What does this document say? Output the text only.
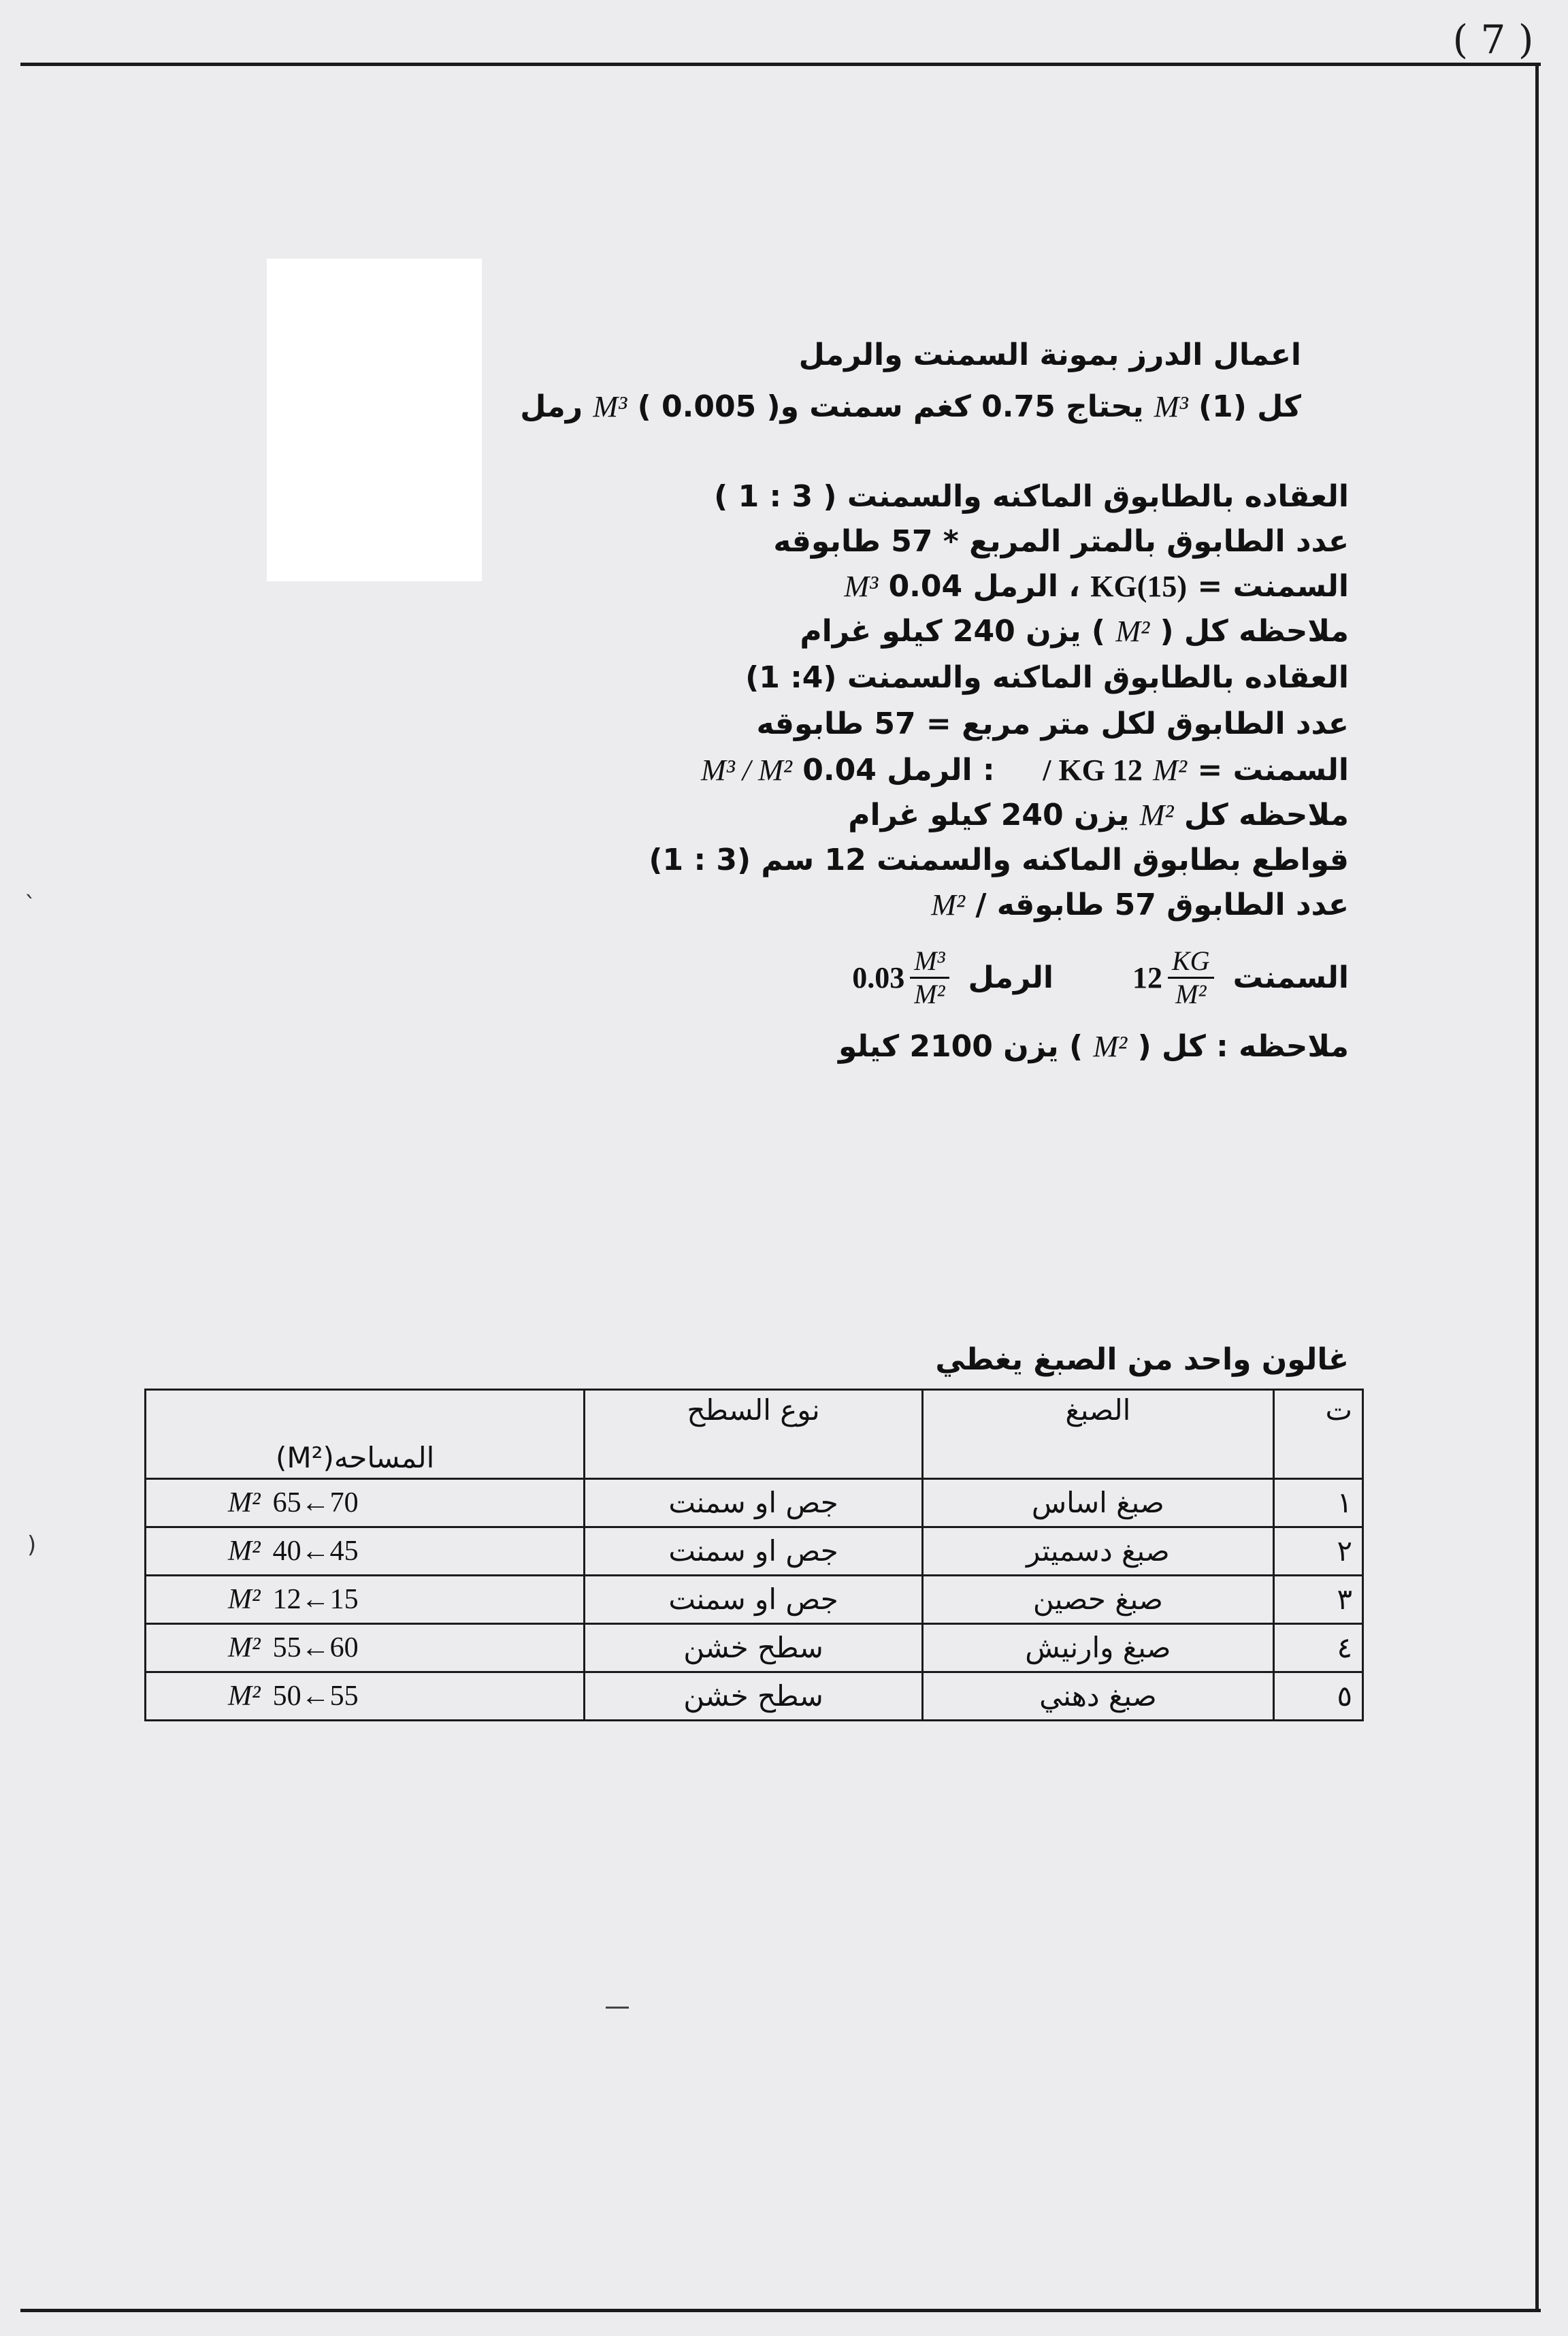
( 7 )
اعمال الدرز بمونة السمنت والرمل
كل (1) M³ يحتاج 0.75 كغم سمنت و( 0.005 ) M³ رمل
العقاده بالطابوق الماكنه والسمنت ( 3 : 1 )
عدد الطابوق بالمتر المربع * 57 طابوقه
السمنت = (15)KG ، الرمل 0.04 M³
ملاحظه كل ( M² ) يزن 240 كيلو غرام
العقاده بالطابوق الماكنه والسمنت (4: 1)
عدد الطابوق لكل متر مربع = 57 طابوقه
السمنت = M² 12 KG /  : الرمل 0.04 M³ / M²
ملاحظه كل M² يزن 240 كيلو غرام
قواطع بطابوق الماكنه والسمنت 12 سم (3 : 1)
عدد الطابوق 57 طابوقه / M²
السمنت
$12 \frac{KG}{\text{M²}}$
الرمل
$0.03 \frac{\text{M³}}{\text{M²}}$
ملاحظه : كل ( M² ) يزن 2100 كيلو
غالون واحد من الصبغ يغطي
ت	الصبغ	نوع السطح	المساحه(M²)
١	صبغ اساس	جص او سمنت	M² 65←70
٢	صبغ دسميتر	جص او سمنت	M² 40←45
٣	صبغ حصين	جص او سمنت	M² 12←15
٤	صبغ وارنيش	سطح خشن	M² 55←60
٥	صبغ دهني	سطح خشن	M² 50←55
`
)
